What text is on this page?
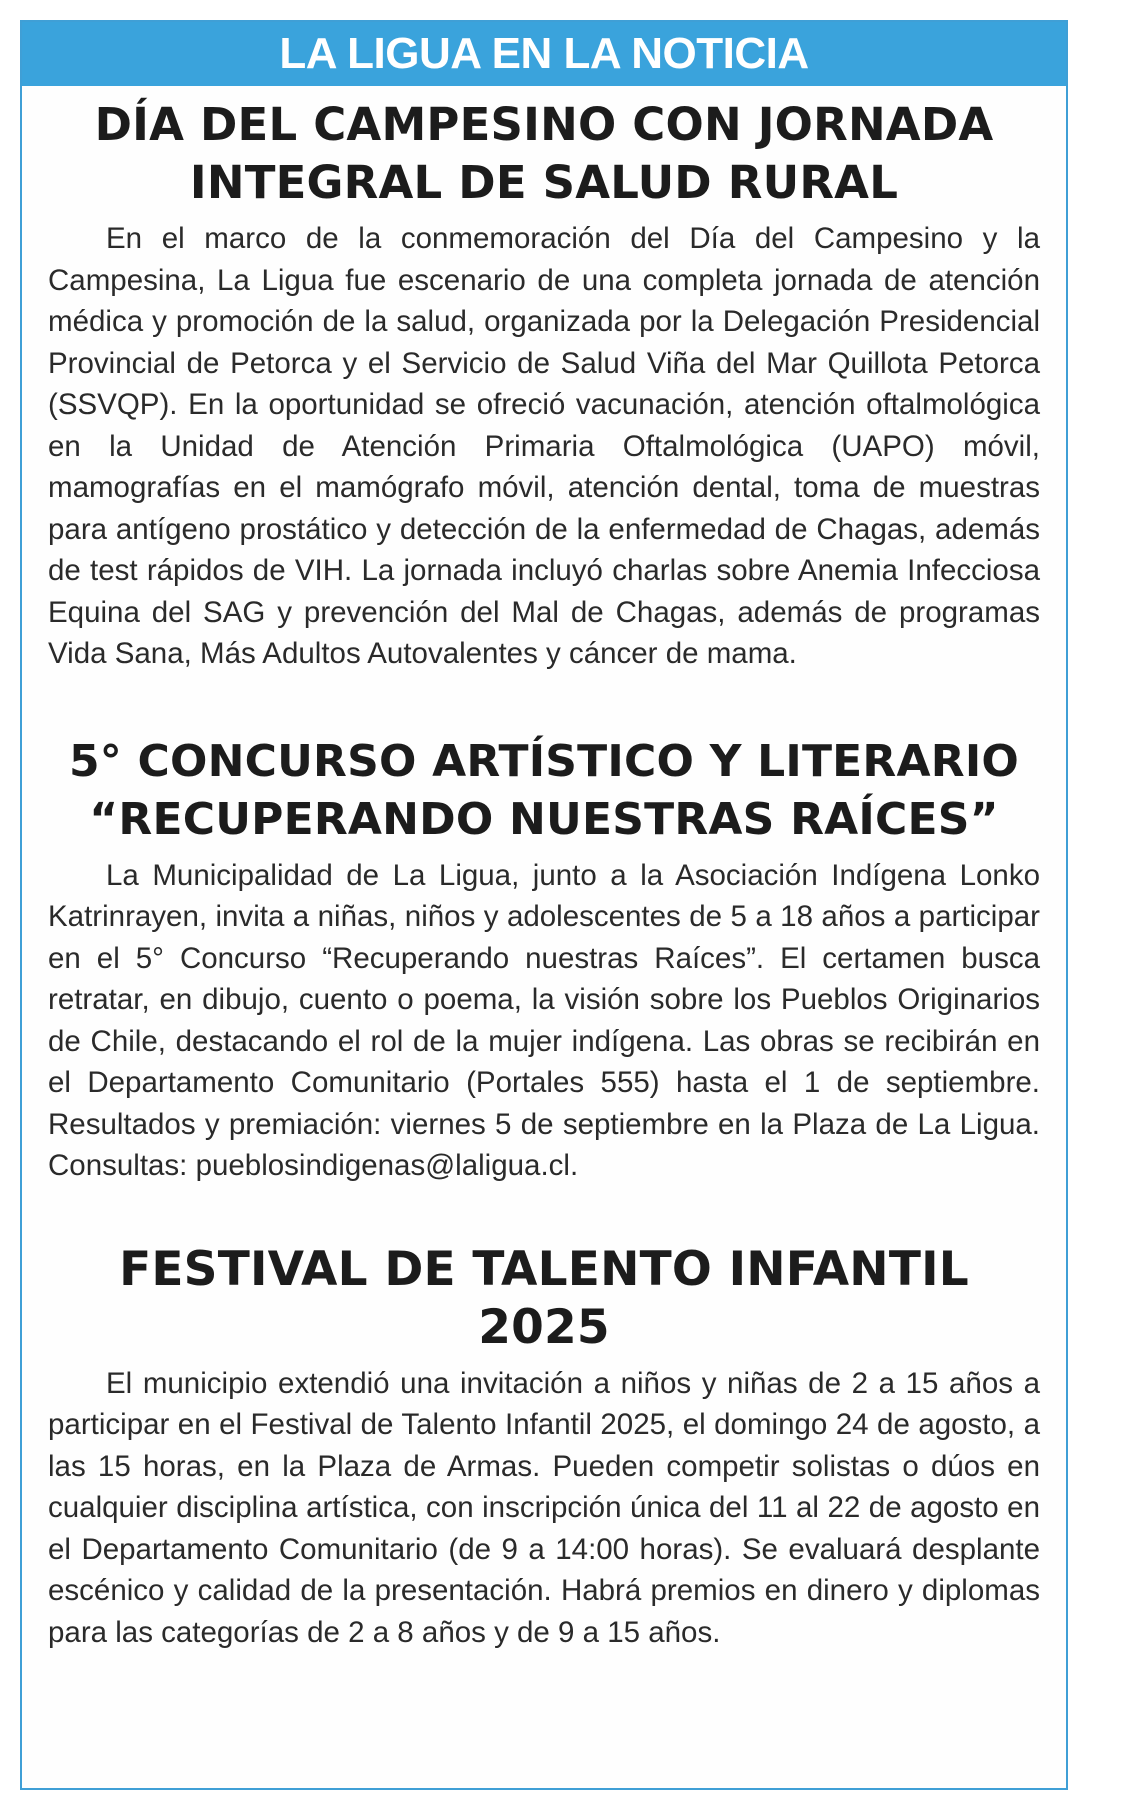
LA LIGUA EN LA NOTICIA
DÍA DEL CAMPESINO CON JORNADA INTEGRAL DE SALUD RURAL

En el marco de la conmemoración del Día del Campesino y la Campesina, La Ligua fue escenario de una completa jornada de atención médica y promoción de la salud, organizada por la Delegación Presidencial Provincial de Petorca y el Servicio de Salud Viña del Mar Quillota Petorca (SSVQP). En la oportunidad se ofreció vacunación, atención oftalmológica en la Unidad de Atención Primaria Oftalmológica (UAPO) móvil, mamografías en el mamógrafo móvil, atención dental, toma de muestras para antígeno prostático y detección de la enfermedad de Chagas, además de test rápidos de VIH. La jornada incluyó charlas sobre Anemia Infecciosa Equina del SAG y prevención del Mal de Chagas, además de programas Vida Sana, Más Adultos Autovalentes y cáncer de mama.

5° CONCURSO ARTÍSTICO Y LITERARIO “RECUPERANDO NUESTRAS RAÍCES”

La Municipalidad de La Ligua, junto a la Asociación Indígena Lonko Katrinrayen, invita a niñas, niños y adolescentes de 5 a 18 años a participar en el 5° Concurso “Recuperando nuestras Raíces”. El certamen busca retratar, en dibujo, cuento o poema, la visión sobre los Pueblos Originarios de Chile, destacando el rol de la mujer indígena. Las obras se recibirán en el Departamento Comunitario (Portales 555) hasta el 1 de septiembre. Resultados y premiación: viernes 5 de septiembre en la Plaza de La Ligua. Consultas: pueblosindigenas@laligua.cl.

FESTIVAL DE TALENTO INFANTIL 2025

El municipio extendió una invitación a niños y niñas de 2 a 15 años a participar en el Festival de Talento Infantil 2025, el domingo 24 de agosto, a las 15 horas, en la Plaza de Armas. Pueden competir solistas o dúos en cualquier disciplina artística, con inscripción única del 11 al 22 de agosto en el Departamento Comunitario (de 9 a 14:00 horas). Se evaluará desplante escénico y calidad de la presentación. Habrá premios en dinero y diplomas para las categorías de 2 a 8 años y de 9 a 15 años.
